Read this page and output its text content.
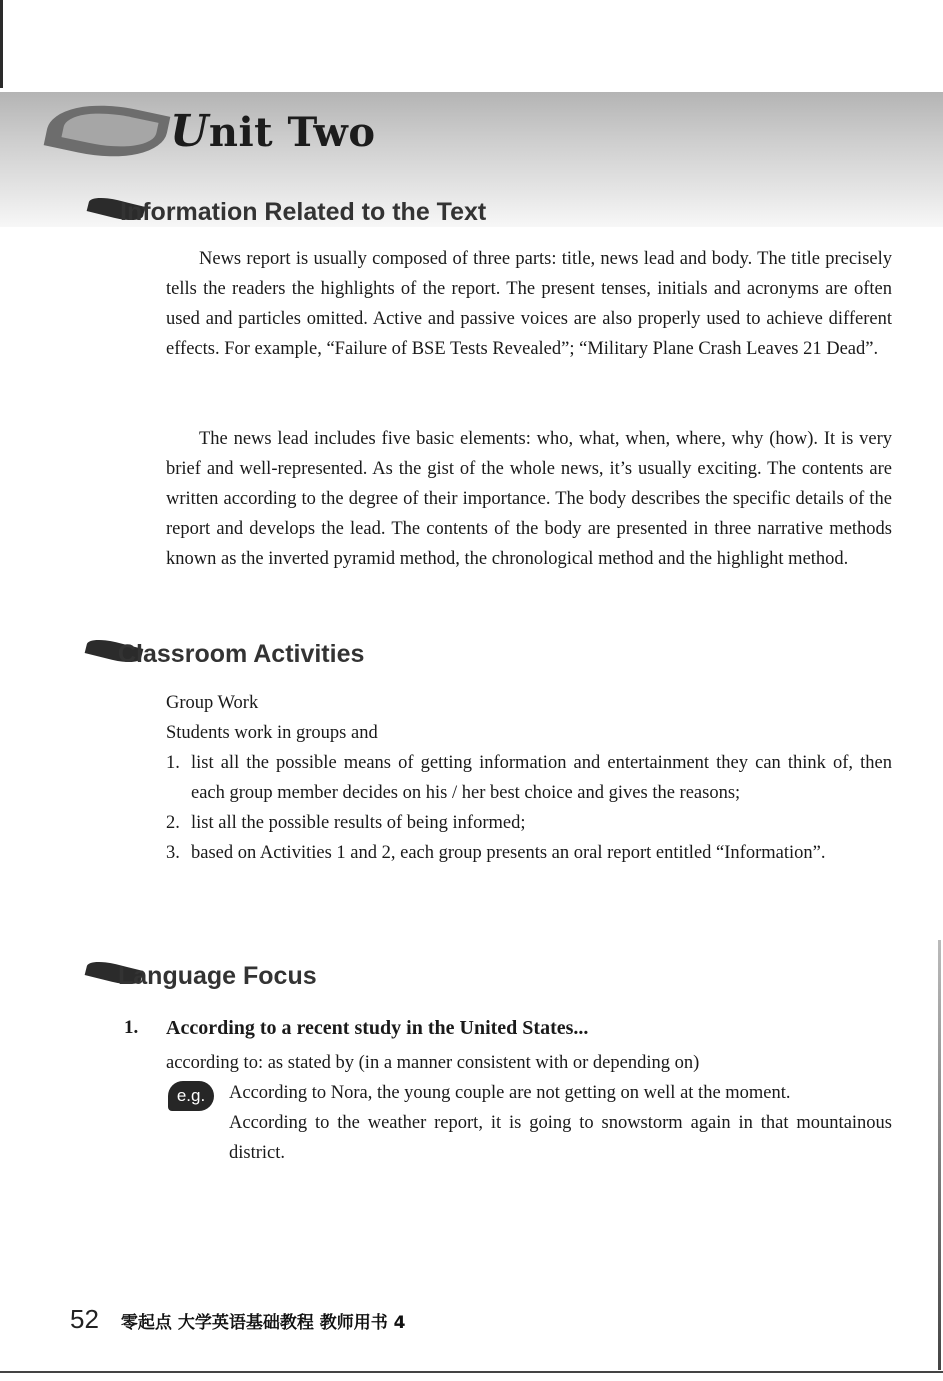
Unit Two
Information Related to the Text

News report is usually composed of three parts: title, news lead and body. The title precisely tells the readers the highlights of the report. The present tenses, initials and acronyms are often used and particles omitted. Active and passive voices are also properly used to achieve different effects. For example, “Failure of BSE Tests Revealed”; “Military Plane Crash Leaves 21 Dead”.

The news lead includes five basic elements: who, what, when, where, why (how). It is very brief and well-represented. As the gist of the whole news, it’s usually exciting. The contents are written according to the degree of their importance. The body describes the specific details of the report and develops the lead. The contents of the body are presented in three narrative methods known as the inverted pyramid method, the chronological method and the highlight method.

Classroom Activities

Group Work

Students work in groups and

1. list all the possible means of getting information and entertainment they can think of, then each group member decides on his / her best choice and gives the reasons;
2. list all the possible results of being informed;
3. based on Activities 1 and 2, each group presents an oral report entitled “Information”.
Language Focus
1. According to a recent study in the United States...
according to: as stated by (in a manner consistent with or depending on)
e.g.	According to Nora, the young couple are not getting on well at the moment.
According to the weather report, it is going to snowstorm again in that mountainous district.

52 零起点 大学英语基础教程 教师用书 4
